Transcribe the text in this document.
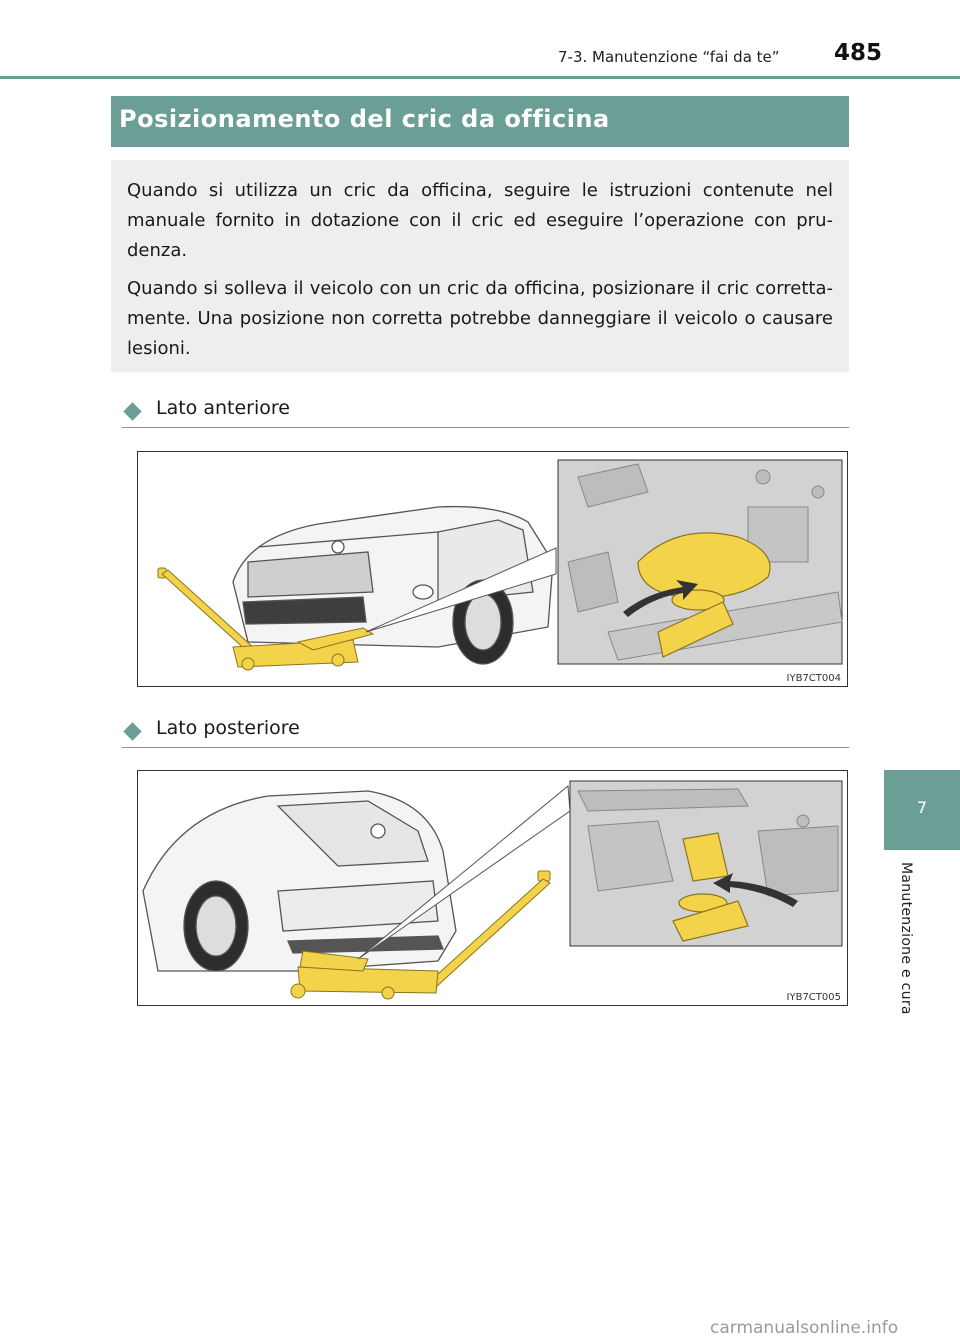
7-3. Manutenzione “fai da te” 485
7
Manutenzione e cura
Posizionamento del cric da officina

Quando si utilizza un cric da officina, seguire le istruzioni contenute nel manuale fornito in dotazione con il cric ed eseguire l’operazione con pru-denza.

Quando si solleva il veicolo con un cric da officina, posizionare il cric corretta-mente. Una posizione non corretta potrebbe danneggiare il veicolo o causare lesioni.

Lato anteriore
IYB7CT004
Lato posteriore
IYB7CT005
carmanualsonline.info
